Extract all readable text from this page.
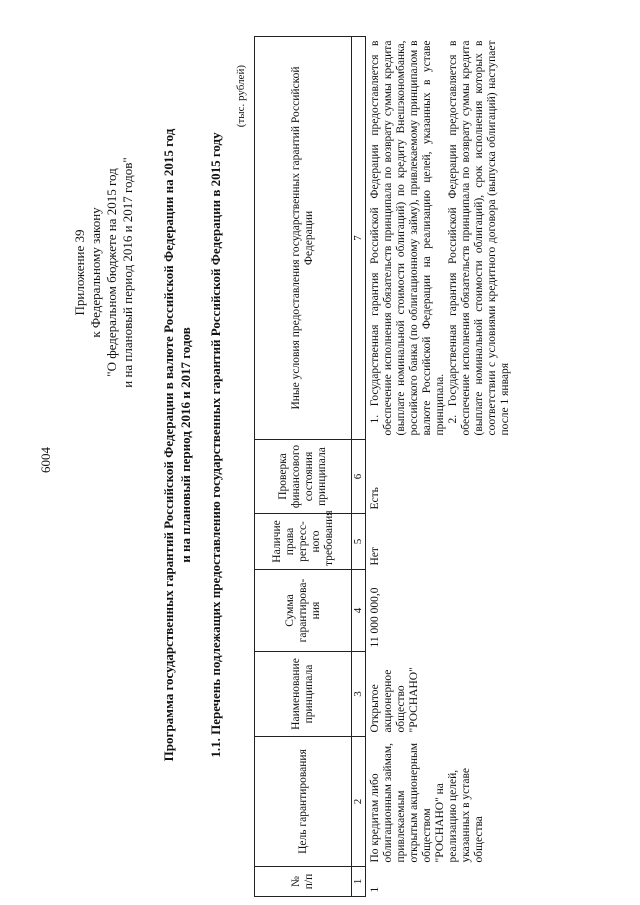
6004
Приложение 39 к Федеральному закону "О федеральном бюджете на 2015 год и на плановый период 2016 и 2017 годов" Программа государственных гарантий Российской Федерации в валюте Российской Федерации на 2015 год и на плановый период 2016 и 2017 годов 1.1. Перечень подлежащих предоставлению государственных гарантий Российской Федерации в 2015 году
(тыс. рублей)
№ п/п	Цель гарантирования	Наименование принципала	Сумма гарантирова-ния	Наличие права регресс-ного требования	Проверка финансового состояния принципала	Иные условия предоставления государственных гарантий Российской Федерации
1	2	3	4	5	6	7
1	По кредитам либо облигационным займам, привлекаемым открытым акционерным обществом "РОСНАНО" на реализацию целей, указанных в уставе общества	Открытое акционерное общество "РОСНАНО"	11 000 000,0	Нет	Есть	1. Государственная гарантия Российской Федерации предоставляется в обеспечение исполнения обязательств принципала по возврату суммы кредита (выплате номинальной стоимости облигаций) по кредиту Внешэкономбанка, российского банка (по облигационному займу), привлекаемому принципалом в валюте Российской Федерации на реализацию целей, указанных в уставе принципала. 2. Государственная гарантия Российской Федерации предоставляется в обеспечение исполнения обязательств принципала по возврату суммы кредита (выплате номинальной стоимости облигаций), срок исполнения которых в соответствии с условиями кредитного договора (выпуска облигаций) наступает после 1 января
